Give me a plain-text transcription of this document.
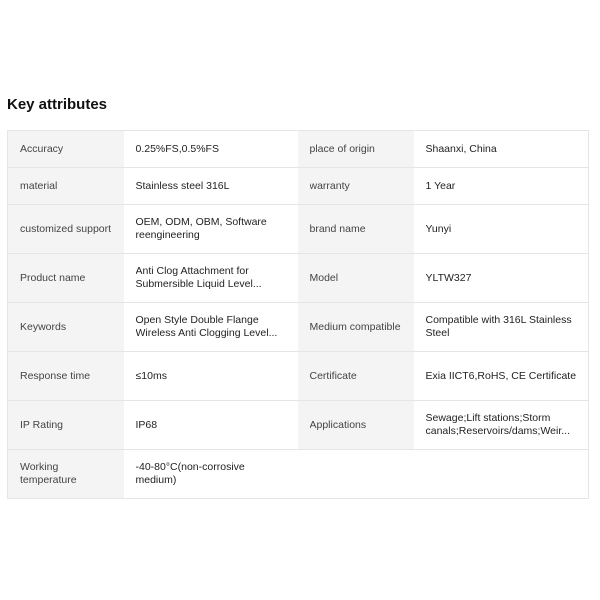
Key attributes
Accuracy	0.25%FS,0.5%FS	place of origin	Shaanxi, China

material	Stainless steel 316L	warranty	1 Year

customized support	OEM, ODM, OBM, Software reengineering	brand name	Yunyi

Product name	Anti Clog Attachment for Submersible Liquid Level...	Model	YLTW327

Keywords	Open Style Double Flange Wireless Anti Clogging Level...	Medium compatible	Compatible with 316L Stainless Steel

Response time	≤10ms	Certificate	Exia IICT6,RoHS, CE Certificate

IP Rating	IP68	Applications	Sewage;Lift stations;Storm canals;Reservoirs/dams;Weir...

Working temperature	-40-80°C(non-corrosive medium)		
